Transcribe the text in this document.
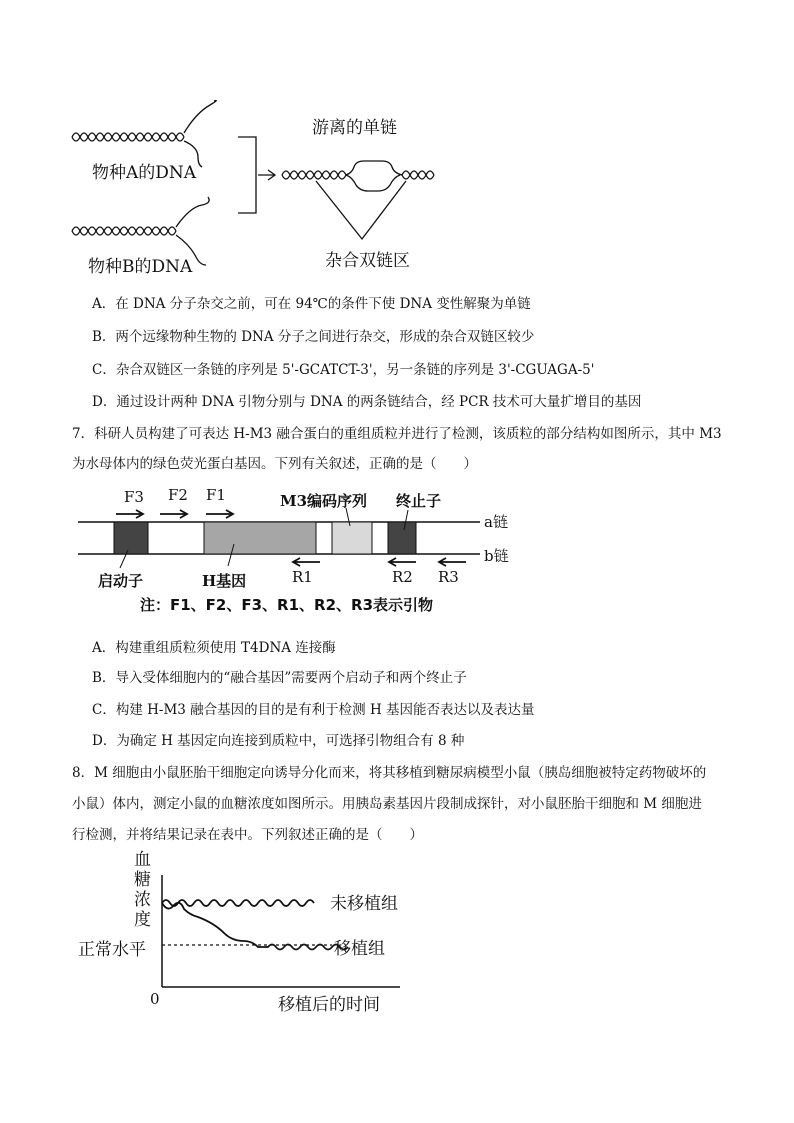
物种A的DNA
物种B的DNA
游离的单链
杂合双链区
A．在 DNA 分子杂交之前，可在 94℃的条件下使 DNA 变性解聚为单链
B．两个远缘物种生物的 DNA 分子之间进行杂交，形成的杂合双链区较少
C．杂合双链区一条链的序列是 5'-GCATCT-3'，另一条链的序列是 3'-CGUAGA-5'
D．通过设计两种 DNA 引物分别与 DNA 的两条链结合，经 PCR 技术可大量扩增目的基因
7．科研人员构建了可表达 H-M3 融合蛋白的重组质粒并进行了检测，该质粒的部分结构如图所示，其中 M3
为水母体内的绿色荧光蛋白基因。下列有关叙述，正确的是（　　）
F3 F2 F1	M3编码序列 终止子
a链
b链
启动子	H基因	R1	R2 R3
注：F1、F2、F3、R1、R2、R3表示引物
A．构建重组质粒须使用 T4DNA 连接酶
B．导入受体细胞内的“融合基因”需要两个启动子和两个终止子
C．构建 H-M3 融合基因的目的是有利于检测 H 基因能否表达以及表达量
D．为确定 H 基因定向连接到质粒中，可选择引物组合有 8 种
8．M 细胞由小鼠胚胎干细胞定向诱导分化而来，将其移植到糖尿病模型小鼠（胰岛细胞被特定药物破坏的
小鼠）体内，测定小鼠的血糖浓度如图所示。用胰岛素基因片段制成探针，对小鼠胚胎干细胞和 M 细胞进
行检测，并将结果记录在表中。下列叙述正确的是（　　）
血糖浓度
正常水平
0	移植后的时间
未移植组
移植组
